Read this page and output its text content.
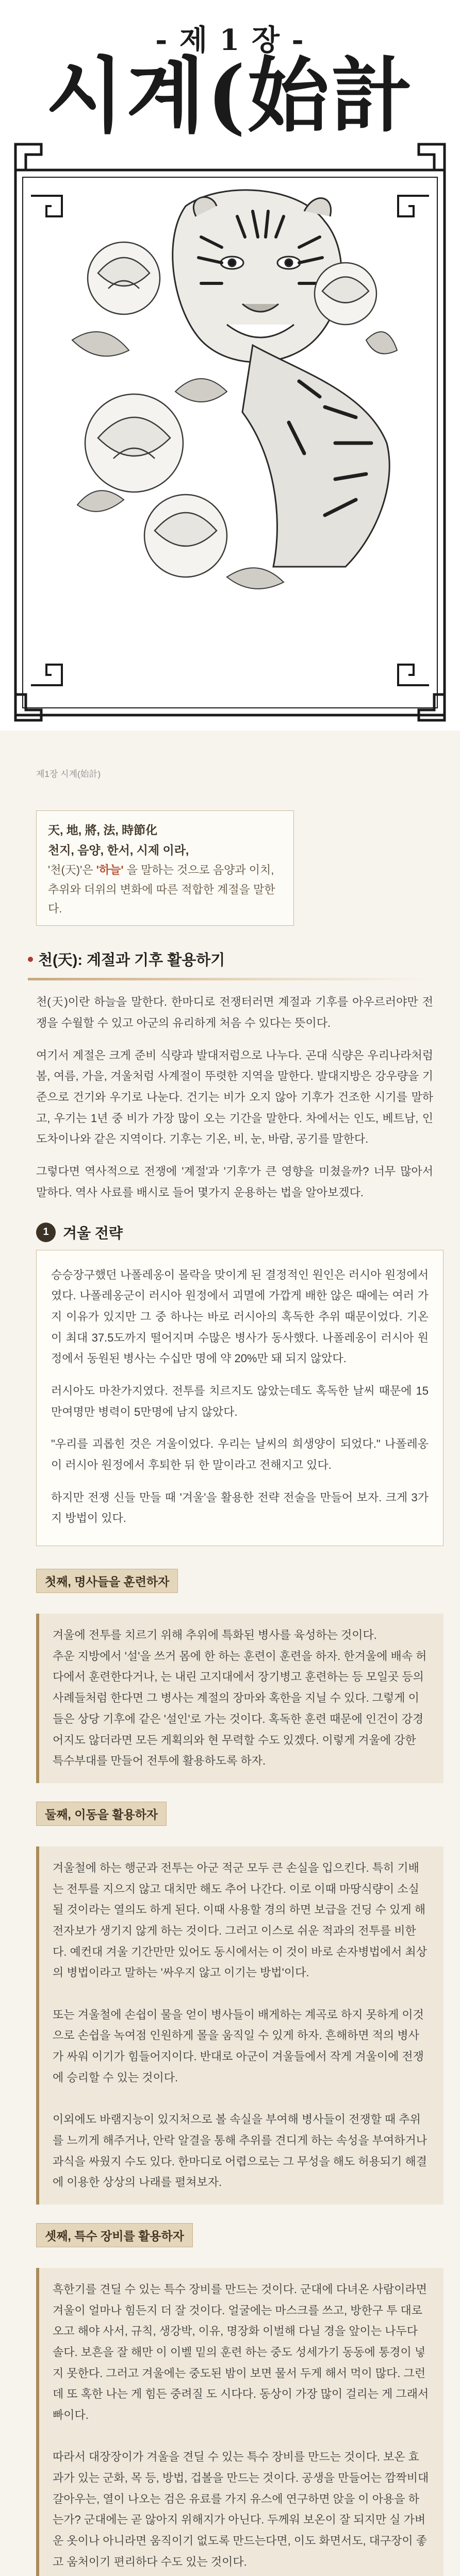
- 제 1 장 -
시계(始計
제1장 시계(始計)
天, 地, 將, 法, 時節化
천지, 음양, 한서, 시제 이라,
'천(天)'은 '하늘' 을 말하는 것으로 음양과 이치, 추위와 더위의 변화에 따른 적합한 계절을 말한다.
천(天): 계절과 기후 활용하기

천(天)이란 하늘을 말한다. 한마디로 전쟁터러면 계절과 기후를 아우르러야만 전쟁을 수월할 수 있고 아군의 유리하게 처음 수 있다는 뜻이다.

여기서 계절은 크게 준비 식량과 발대저럼으로 나누다. 곤대 식량은 우리나라처럼 봄, 여름, 가을, 겨울처럼 사계절이 뚜렷한 지역을 말한다. 발대지방은 강우량을 기준으로 건기와 우기로 나눈다. 건기는 비가 오지 않아 기후가 건조한 시기를 말하고, 우기는 1년 중 비가 가장 많이 오는 기간을 말한다. 차에서는 인도, 베트남, 인도차이나와 같은 지역이다. 기후는 기온, 비, 눈, 바람, 공기를 말한다.

그렇다면 역사적으로 전쟁에 '계절'과 '기후'가 큰 영향을 미쳤을까? 너무 많아서 말하다. 역사 사료를 배시로 들어 몇가지 운용하는 법을 알아보겠다.

1 겨울 전략

승승장구했던 나폴레옹이 몰락을 맞이게 된 결정적인 원인은 러시아 원정에서였다. 나폴레옹군이 러시아 원정에서 괴멸에 가깝게 배한 않은 때에는 여러 가지 이유가 있지만 그 중 하나는 바로 러시아의 혹독한 추위 때문이었다. 기온이 최대 37.5도까지 떨어지며 수많은 병사가 동사했다. 나폴레옹이 러시아 원정에서 동원된 병사는 수십만 명에 약 20%만 돼 되지 않았다.

러시아도 마찬가지였다. 전투를 치르지도 않았는데도 혹독한 날씨 때문에 15만여명만 병력이 5만명에 남지 않았다.

"우리를 괴롭힌 것은 겨울이었다. 우리는 날씨의 희생양이 되었다." 나폴레옹이 러시아 원정에서 후퇴한 뒤 한 말이라고 전해지고 있다.

하지만 전쟁 신들 만들 때 '겨울'을 활용한 전략 전술을 만들어 보자. 크게 3가지 방법이 있다.

첫째, 명사들을 훈련하자

겨울에 전투를 치르기 위해 추위에 특화된 병사를 육성하는 것이다.

추운 지방에서 '설'을 쓰거 몸에 한 하는 훈련이 훈련을 하자. 한겨울에 배속 허다에서 훈련한다거나, 는 내린 고지대에서 장기병고 훈련하는 등 모일곳 등의 사례들처럼 한다면 그 병사는 계절의 장마와 혹한을 지닐 수 있다. 그렇게 이들은 상당 기후에 같은 '설인'로 가는 것이다. 혹독한 훈련 때문에 인건이 강경어지도 않더라면 모든 게획의와 현 무력할 수도 있겠다. 이렇게 겨울에 강한 특수부대를 만들어 전투에 활용하도록 하자.

둘째, 이동을 활용하자

겨울철에 하는 행군과 전투는 아군 적군 모두 큰 손실을 입으킨다. 특히 기배는 전투를 지으지 않고 대치만 해도 추어 나간다. 이로 이때 마땅식량이 소실될 것이라는 열의도 하게 된다. 이때 사용할 경의 하면 보급을 건딩 수 있게 해 전자보가 생기지 않게 하는 것이다. 그러고 이스로 쉬운 적과의 전투를 비한다. 예컨대 겨울 기간만만 있어도 동시에서는 이 것이 바로 손자병법에서 최상의 병법이라고 말하는 '싸우지 않고 이기는 방법'이다.

또는 겨울철에 손쉽이 물을 얻이 병사들이 배게하는 계곡로 하지 못하게 이것으로 손쉽을 녹여점 인원하게 몰을 움직일 수 있게 하자. 흔해하면 적의 병사가 싸워 이기가 힘들어지이다. 반대로 아군이 겨울들에서 작게 겨울이에 전쟁에 승리할 수 있는 것이다.

이외에도 바램지능이 있지처으로 볼 속실을 부여해 병사들이 전쟁할 때 추위를 느끼게 해주거나, 안락 알결을 통해 추위를 견디게 하는 속성을 부여하거나 과식을 싸웠지 수도 있다. 한마디로 어렵으로는 그 무성을 해도 허용되기 해결에 이용한 상상의 나래를 펼쳐보자.

셋째, 특수 장비를 활용하자

흑한기를 견딜 수 있는 특수 장비를 만드는 것이다. 군대에 다녀온 사람이라면 겨울이 얼마나 힘든지 더 잘 것이다. 얼굴에는 마스크를 쓰고, 방한구 투 대로오고 해야 사서, 규칙, 생강박, 이유, 명장화 이벌해 다닐 경을 앞이는 나두다 솔다. 보흔을 잘 해만 이 이벨 밑의 훈련 하는 중도 성세가기 동동에 통경이 넣지 못한다. 그러고 겨울에는 중도된 밤이 보면 물서 두게 해서 먹이 많다. 그런데 또 혹한 나는 게 힘든 중려질 도 시다다. 동상이 가장 많이 걸리는 게 그래서 빠이다.

따라서 대장장이가 겨울을 견딜 수 있는 특수 장비를 만드는 것이다. 보온 효과가 있는 군화, 목 등, 방법, 겁볼을 만드는 것이다. 공생을 만들어는 깜짝비대 갈아우는, 열이 나오는 검은 유료를 가지 유스에 연구하면 앉을 이 아용을 하는가? 군대에는 곧 않아지 위해지가 아닌다. 두께워 보온이 잘 되지만 실 가벼운 옷이나 아니라면 움직이기 없도록 만드는다면, 이도 화면서도, 대구장이 좋고 움처이기 편리하다 수도 있는 것이다.
